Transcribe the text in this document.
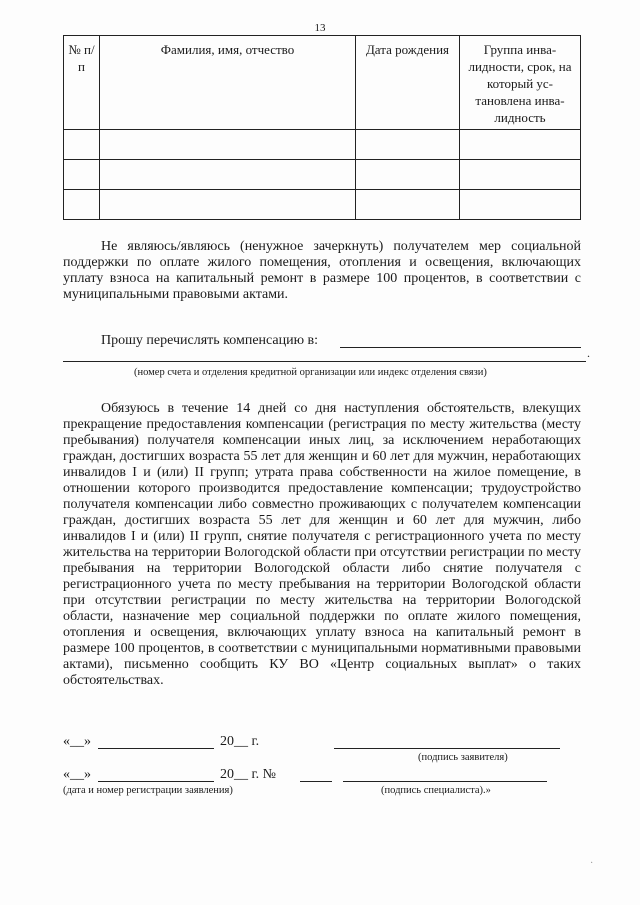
13
№ п/п	Фамилия, имя, отчество	Дата рождения	Группа инва-лидности, срок, на который ус-тановлена инва-лидность

Не являюсь/являюсь (ненужное зачеркнуть) получателем мер социальной поддержки по оплате жилого помещения, отопления и освещения, включающих уплату взноса на капитальный ремонт в размере 100 процентов, в соответствии с муниципальными правовыми актами.
Прошу перечислять компенсацию в:
.
(номер счета и отделения кредитной организации или индекс отделения связи)
Обязуюсь в течение 14 дней со дня наступления обстоятельств, влекущих прекращение предоставления компенсации (регистрация по месту жительства (месту пребывания) получателя компенсации иных лиц, за исключением неработающих граждан, достигших возраста 55 лет для женщин и 60 лет для мужчин, неработающих инвалидов I и (или) II групп; утрата права собственности на жилое помещение, в отношении которого производится предоставление компенсации; трудоустройство получателя компенсации либо совместно проживающих с получателем компенсации граждан, достигших возраста 55 лет для женщин и 60 лет для мужчин, либо инвалидов I и (или) II групп, снятие получателя с регистрационного учета по месту жительства на территории Вологодской области при отсутствии регистрации по месту пребывания на территории Вологодской области либо снятие получателя с регистрационного учета по месту пребывания на территории Вологодской области при отсутствии регистрации по месту жительства на территории Вологодской области, назначение мер социальной поддержки по оплате жилого помещения, отопления и освещения, включающих уплату взноса на капитальный ремонт в размере 100 процентов, в соответствии с муниципальными нормативными правовыми актами), письменно сообщить КУ ВО «Центр социальных выплат» о таких обстоятельствах.
«__»	20__ г.
(подпись заявителя)
«__»	20__ г. №
(дата и номер регистрации заявления)	(подпись специалиста).»
·
